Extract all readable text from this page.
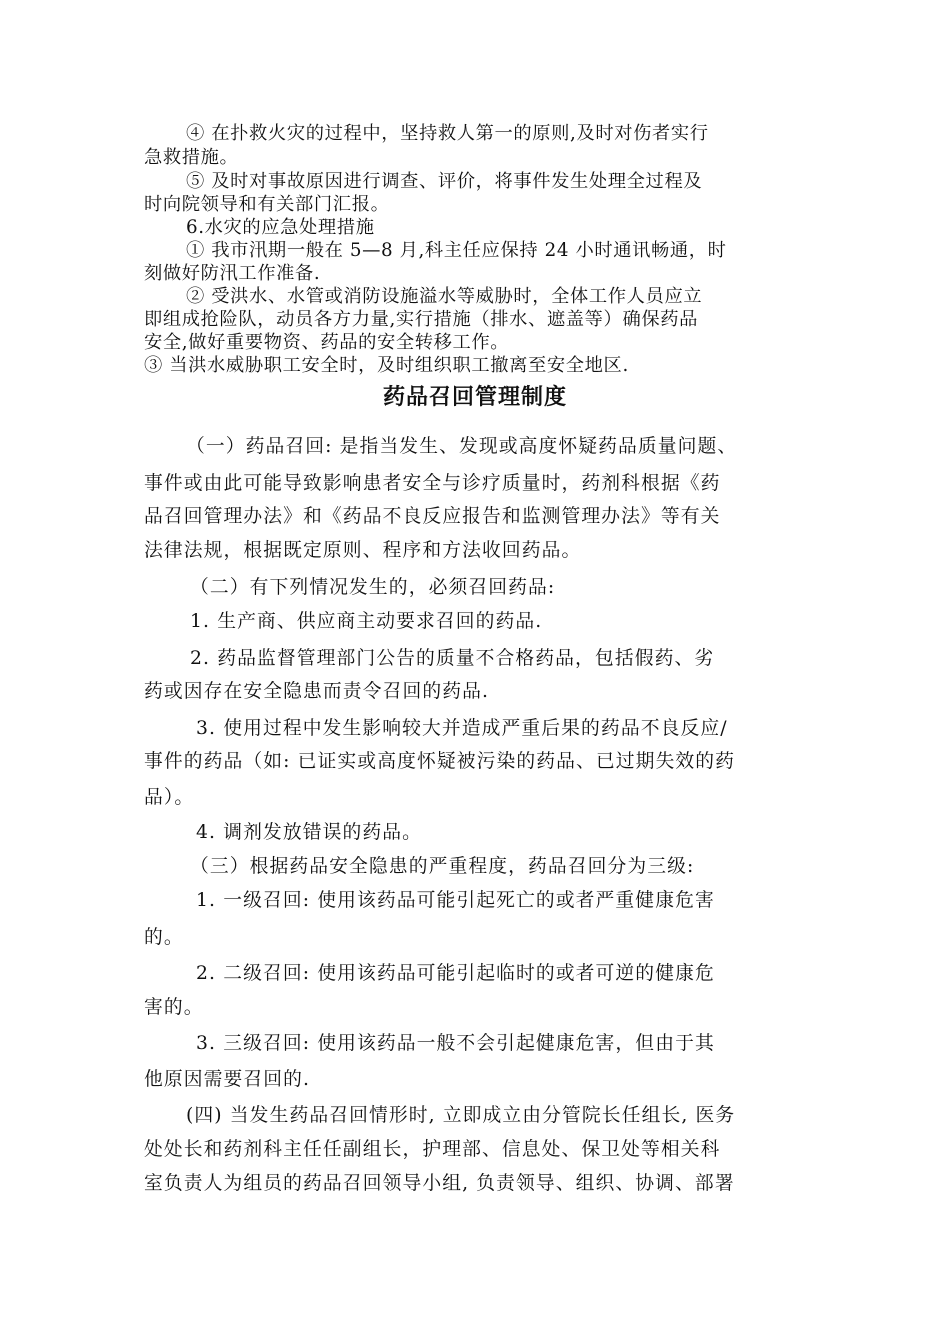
④ 在扑救火灾的过程中，坚持救人第一的原则,及时对伤者实行
急救措施。
⑤ 及时对事故原因进行调查、评价，将事件发生处理全过程及
时向院领导和有关部门汇报。
6.水灾的应急处理措施
① 我市汛期一般在 5—8 月,科主任应保持 24 小时通讯畅通，时
刻做好防汛工作准备.
② 受洪水、水管或消防设施溢水等威胁时，全体工作人员应立
即组成抢险队，动员各方力量,实行措施（排水、遮盖等）确保药品
安全,做好重要物资、药品的安全转移工作。
③ 当洪水威胁职工安全时，及时组织职工撤离至安全地区.
药品召回管理制度
（一）药品召回: 是指当发生、发现或高度怀疑药品质量问题、
事件或由此可能导致影响患者安全与诊疗质量时，药剂科根据《药
品召回管理办法》和《药品不良反应报告和监测管理办法》等有关
法律法规，根据既定原则、程序和方法收回药品。
（二）有下列情况发生的，必须召回药品:
1. 生产商、供应商主动要求召回的药品.
2. 药品监督管理部门公告的质量不合格药品，包括假药、劣
药或因存在安全隐患而责令召回的药品.
3. 使用过程中发生影响较大并造成严重后果的药品不良反应/
事件的药品（如: 已证实或高度怀疑被污染的药品、已过期失效的药
品）。
4. 调剂发放错误的药品。
（三）根据药品安全隐患的严重程度，药品召回分为三级:
1. 一级召回: 使用该药品可能引起死亡的或者严重健康危害
的。
2. 二级召回: 使用该药品可能引起临时的或者可逆的健康危
害的。
3. 三级召回: 使用该药品一般不会引起健康危害，但由于其
他原因需要召回的.
(四) 当发生药品召回情形时, 立即成立由分管院长任组长, 医务
处处长和药剂科主任任副组长，护理部、信息处、保卫处等相关科
室负责人为组员的药品召回领导小组, 负责领导、组织、协调、部署
